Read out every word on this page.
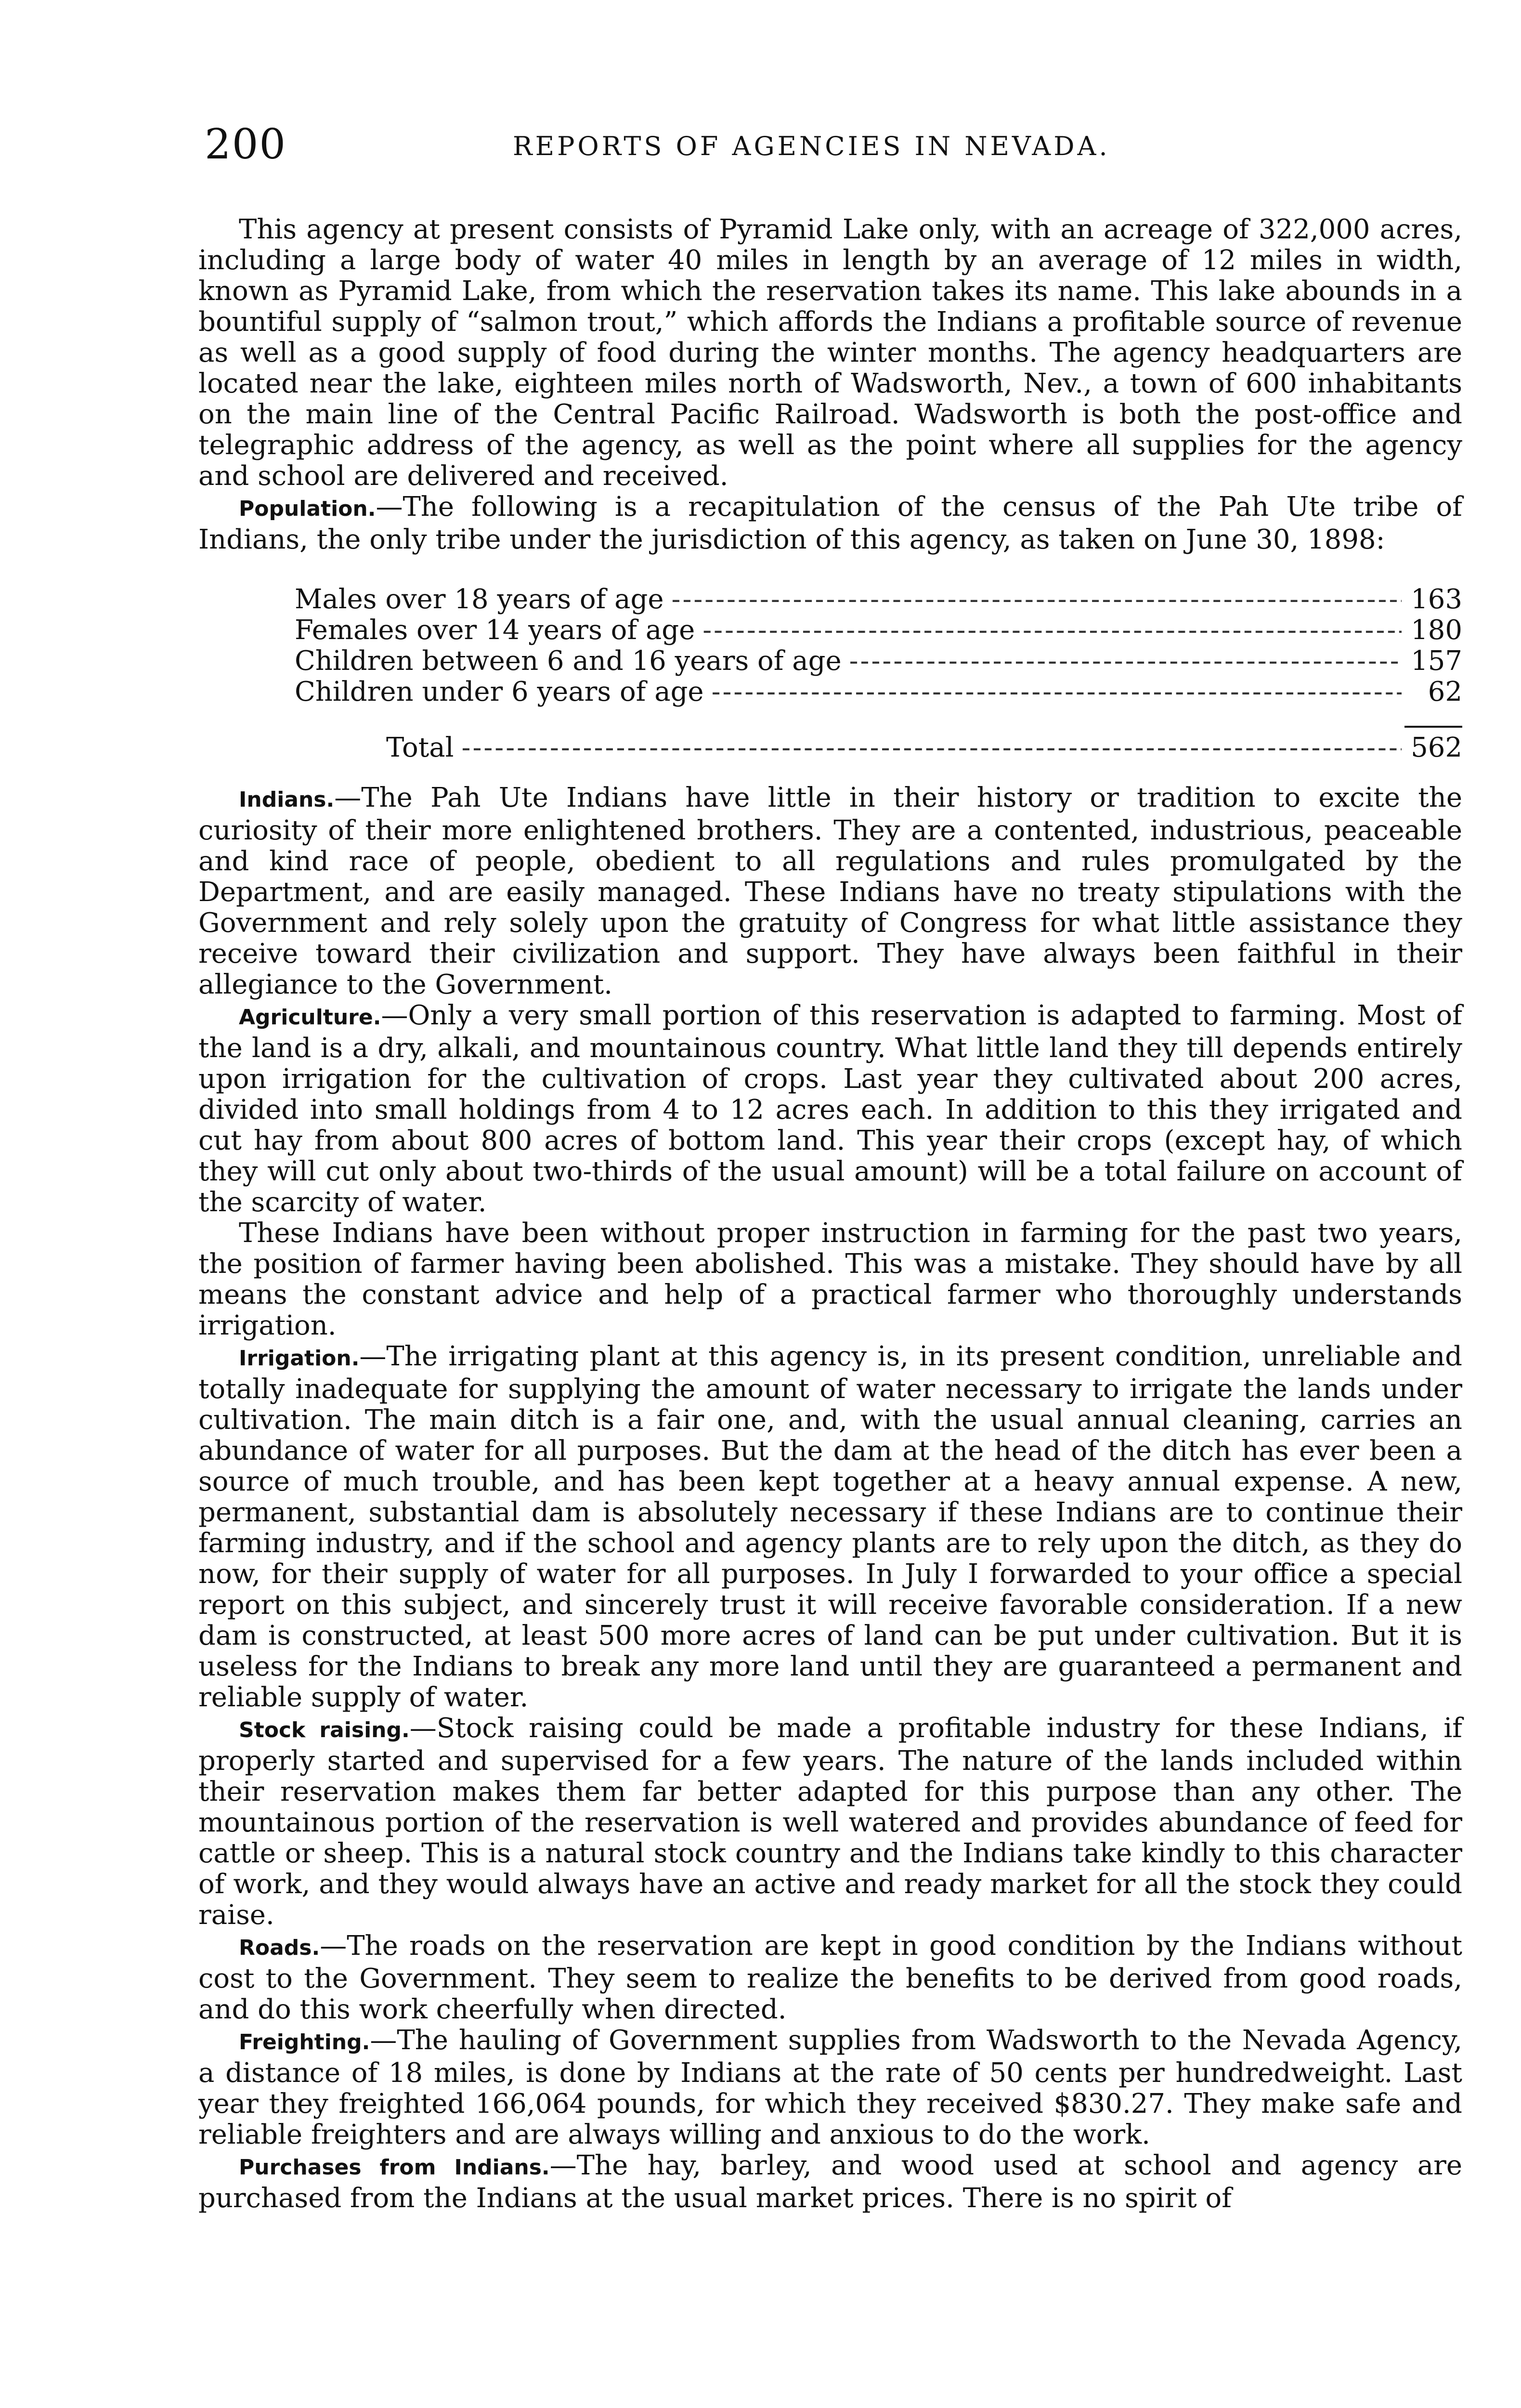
200	REPORTS OF AGENCIES IN NEVADA.

This agency at present consists of Pyramid Lake only, with an acreage of 322,000 acres, including a large body of water 40 miles in length by an average of 12 miles in width, known as Pyramid Lake, from which the reservation takes its name. This lake abounds in a bountiful supply of “salmon trout,” which affords the Indians a profitable source of revenue as well as a good supply of food during the winter months. The agency headquarters are located near the lake, eighteen miles north of Wadsworth, Nev., a town of 600 inhabitants on the main line of the Central Pacific Railroad. Wadsworth is both the post-office and telegraphic address of the agency, as well as the point where all supplies for the agency and school are delivered and received.

Population.—The following is a recapitulation of the census of the Pah Ute tribe of Indians, the only tribe under the jurisdiction of this agency, as taken on June 30, 1898:

Males over 18 years of age -----	163
Females over 14 years of age -----	180
Children between 6 and 16 years of age -----	157
Children under 6 years of age -----	62
Total -----	562

Indians.—The Pah Ute Indians have little in their history or tradition to excite the curiosity of their more enlightened brothers. They are a contented, industrious, peaceable and kind race of people, obedient to all regulations and rules promulgated by the Department, and are easily managed. These Indians have no treaty stipulations with the Government and rely solely upon the gratuity of Congress for what little assistance they receive toward their civilization and support. They have always been faithful in their allegiance to the Government.

Agriculture.—Only a very small portion of this reservation is adapted to farming. Most of the land is a dry, alkali, and mountainous country. What little land they till depends entirely upon irrigation for the cultivation of crops. Last year they cultivated about 200 acres, divided into small holdings from 4 to 12 acres each. In addition to this they irrigated and cut hay from about 800 acres of bottom land. This year their crops (except hay, of which they will cut only about two-thirds of the usual amount) will be a total failure on account of the scarcity of water.

These Indians have been without proper instruction in farming for the past two years, the position of farmer having been abolished. This was a mistake. They should have by all means the constant advice and help of a practical farmer who thoroughly understands irrigation.

Irrigation.—The irrigating plant at this agency is, in its present condition, unreliable and totally inadequate for supplying the amount of water necessary to irrigate the lands under cultivation. The main ditch is a fair one, and, with the usual annual cleaning, carries an abundance of water for all purposes. But the dam at the head of the ditch has ever been a source of much trouble, and has been kept together at a heavy annual expense. A new, permanent, substantial dam is absolutely necessary if these Indians are to continue their farming industry, and if the school and agency plants are to rely upon the ditch, as they do now, for their supply of water for all purposes. In July I forwarded to your office a special report on this subject, and sincerely trust it will receive favorable consideration. If a new dam is constructed, at least 500 more acres of land can be put under cultivation. But it is useless for the Indians to break any more land until they are guaranteed a permanent and reliable supply of water.

Stock raising.—Stock raising could be made a profitable industry for these Indians, if properly started and supervised for a few years. The nature of the lands included within their reservation makes them far better adapted for this purpose than any other. The mountainous portion of the reservation is well watered and provides abundance of feed for cattle or sheep. This is a natural stock country and the Indians take kindly to this character of work, and they would always have an active and ready market for all the stock they could raise.

Roads.—The roads on the reservation are kept in good condition by the Indians without cost to the Government. They seem to realize the benefits to be derived from good roads, and do this work cheerfully when directed.

Freighting.—The hauling of Government supplies from Wadsworth to the Nevada Agency, a distance of 18 miles, is done by Indians at the rate of 50 cents per hundredweight. Last year they freighted 166,064 pounds, for which they received $830.27. They make safe and reliable freighters and are always willing and anxious to do the work.

Purchases from Indians.—The hay, barley, and wood used at school and agency are purchased from the Indians at the usual market prices. There is no spirit of
